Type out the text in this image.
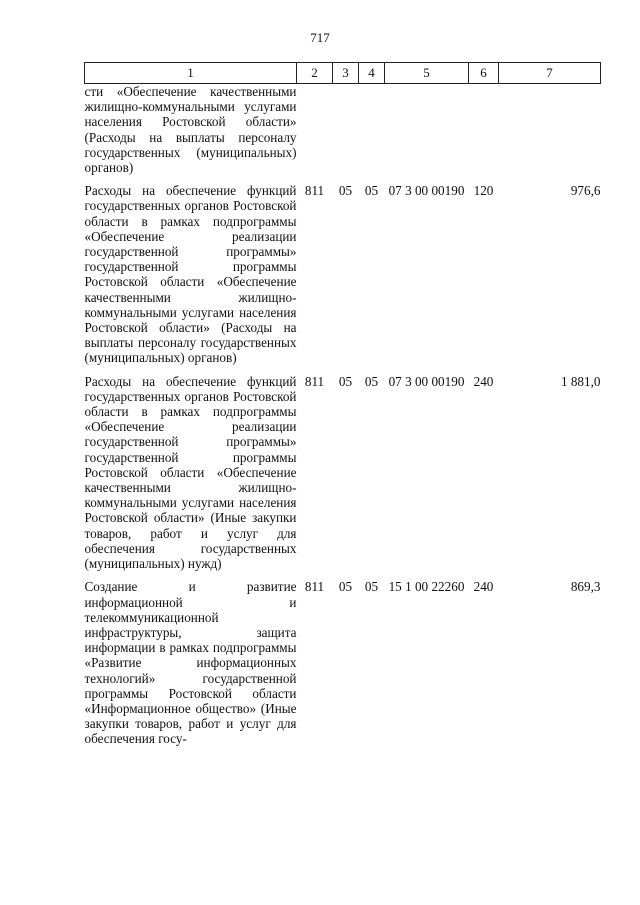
717
1	2	3	4	5	6	7
сти «Обеспечение качественными жилищно-коммунальными услугами населения Ростовской области» (Расходы на выплаты персоналу государственных (муниципальных) органов)						
Расходы на обеспечение функций государственных органов Ростовской области в рамках подпрограммы «Обеспечение реализации государственной программы» государственной программы Ростовской области «Обеспечение качественными жилищно-коммунальными услугами населения Ростовской области» (Расходы на выплаты персоналу государственных (муниципальных) органов)	811	05	05	07 3 00 00190	120	976,6
Расходы на обеспечение функций государственных органов Ростовской области в рамках подпрограммы «Обеспечение реализации государственной программы» государственной программы Ростовской области «Обеспечение качественными жилищно-коммунальными услугами населения Ростовской области» (Иные закупки товаров, работ и услуг для обеспечения государственных (муниципальных) нужд)	811	05	05	07 3 00 00190	240	1 881,0
Создание и развитие информационной и телекоммуникационной инфраструктуры, защита информации в рамках подпрограммы «Развитие информационных технологий» государственной программы Ростовской области «Информационное общество» (Иные закупки товаров, работ и услуг для обеспечения госу-	811	05	05	15 1 00 22260	240	869,3
